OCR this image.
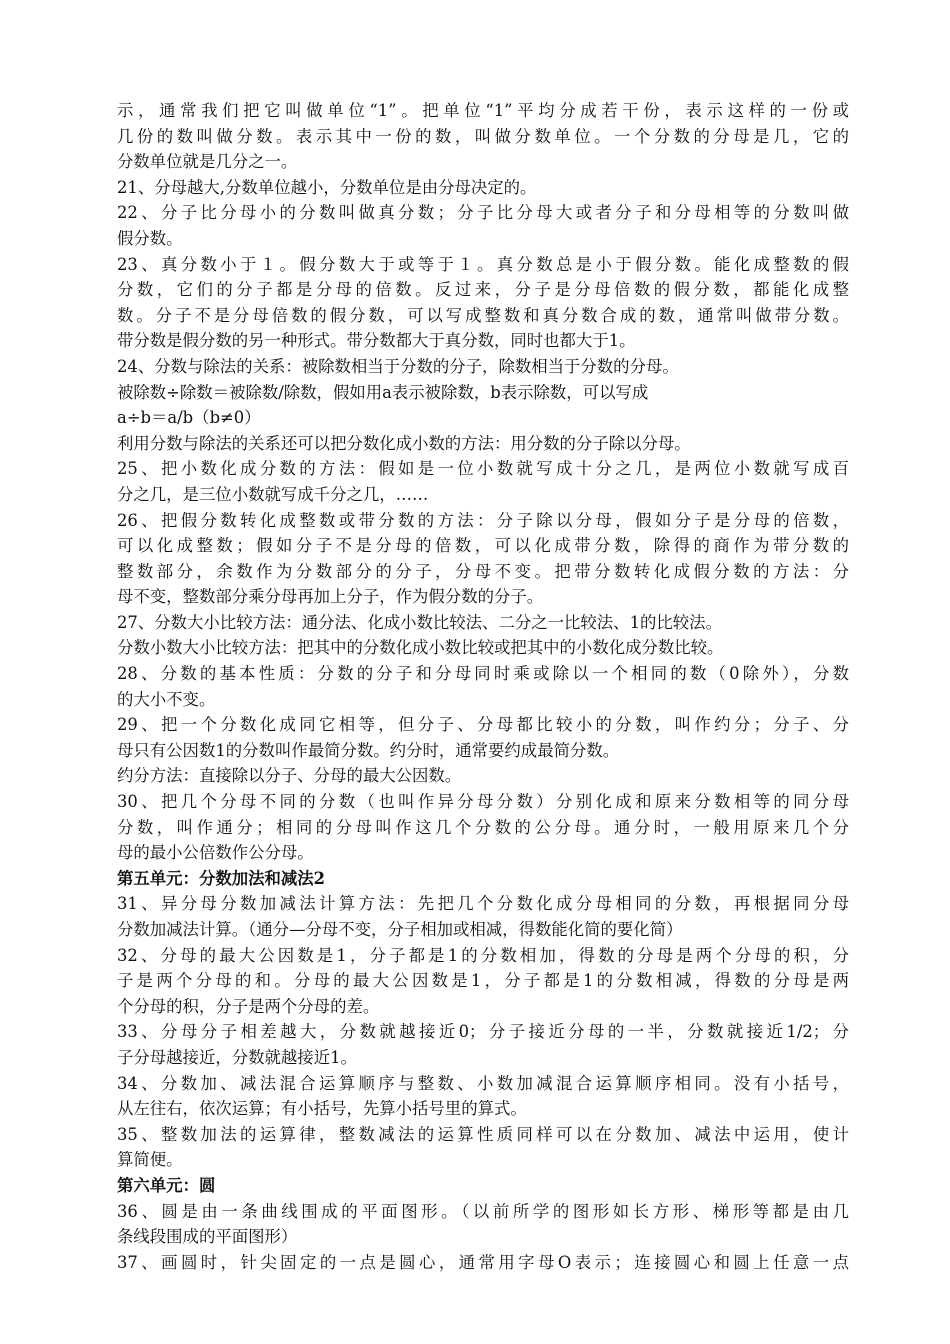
示，通常我们把它叫做单位“1”。把单位“1”平均分成若干份，表示这样的一份或
几份的数叫做分数。表示其中一份的数，叫做分数单位。一个分数的分母是几，它的
分数单位就是几分之一。
21、分母越大,分数单位越小，分数单位是由分母决定的。
22、分子比分母小的分数叫做真分数；分子比分母大或者分子和分母相等的分数叫做
假分数。
23、真分数小于１。假分数大于或等于１。真分数总是小于假分数。能化成整数的假
分数，它们的分子都是分母的倍数。反过来，分子是分母倍数的假分数，都能化成整
数。分子不是分母倍数的假分数，可以写成整数和真分数合成的数，通常叫做带分数。
带分数是假分数的另一种形式。带分数都大于真分数，同时也都大于1。
24、分数与除法的关系：被除数相当于分数的分子，除数相当于分数的分母。
被除数÷除数＝被除数/除数，假如用a表示被除数，b表示除数，可以写成
a÷b＝a/b（b≠0）
利用分数与除法的关系还可以把分数化成小数的方法：用分数的分子除以分母。
25、把小数化成分数的方法：假如是一位小数就写成十分之几，是两位小数就写成百
分之几，是三位小数就写成千分之几，……
26、把假分数转化成整数或带分数的方法：分子除以分母，假如分子是分母的倍数，
可以化成整数；假如分子不是分母的倍数，可以化成带分数，除得的商作为带分数的
整数部分，余数作为分数部分的分子，分母不变。把带分数转化成假分数的方法：分
母不变，整数部分乘分母再加上分子，作为假分数的分子。
27、分数大小比较方法：通分法、化成小数比较法、二分之一比较法、1的比较法。
分数小数大小比较方法：把其中的分数化成小数比较或把其中的小数化成分数比较。
28、分数的基本性质：分数的分子和分母同时乘或除以一个相同的数（0除外），分数
的大小不变。
29、把一个分数化成同它相等，但分子、分母都比较小的分数，叫作约分；分子、分
母只有公因数1的分数叫作最简分数。约分时，通常要约成最简分数。
约分方法：直接除以分子、分母的最大公因数。
30、把几个分母不同的分数（也叫作异分母分数）分别化成和原来分数相等的同分母
分数，叫作通分；相同的分母叫作这几个分数的公分母。通分时，一般用原来几个分
母的最小公倍数作公分母。
第五单元：分数加法和减法2
31、异分母分数加减法计算方法：先把几个分数化成分母相同的分数，再根据同分母
分数加减法计算。（通分—分母不变，分子相加或相减，得数能化简的要化简）
32、分母的最大公因数是1，分子都是1的分数相加，得数的分母是两个分母的积，分
子是两个分母的和。分母的最大公因数是1，分子都是1的分数相减，得数的分母是两
个分母的积，分子是两个分母的差。
33、分母分子相差越大，分数就越接近0；分子接近分母的一半，分数就接近1/2；分
子分母越接近，分数就越接近1。
34、分数加、减法混合运算顺序与整数、小数加减混合运算顺序相同。没有小括号，
从左往右，依次运算；有小括号，先算小括号里的算式。
35、整数加法的运算律，整数减法的运算性质同样可以在分数加、减法中运用，使计
算简便。
第六单元：圆
36、圆是由一条曲线围成的平面图形。（以前所学的图形如长方形、梯形等都是由几
条线段围成的平面图形）
37、画圆时，针尖固定的一点是圆心，通常用字母O表示；连接圆心和圆上任意一点
